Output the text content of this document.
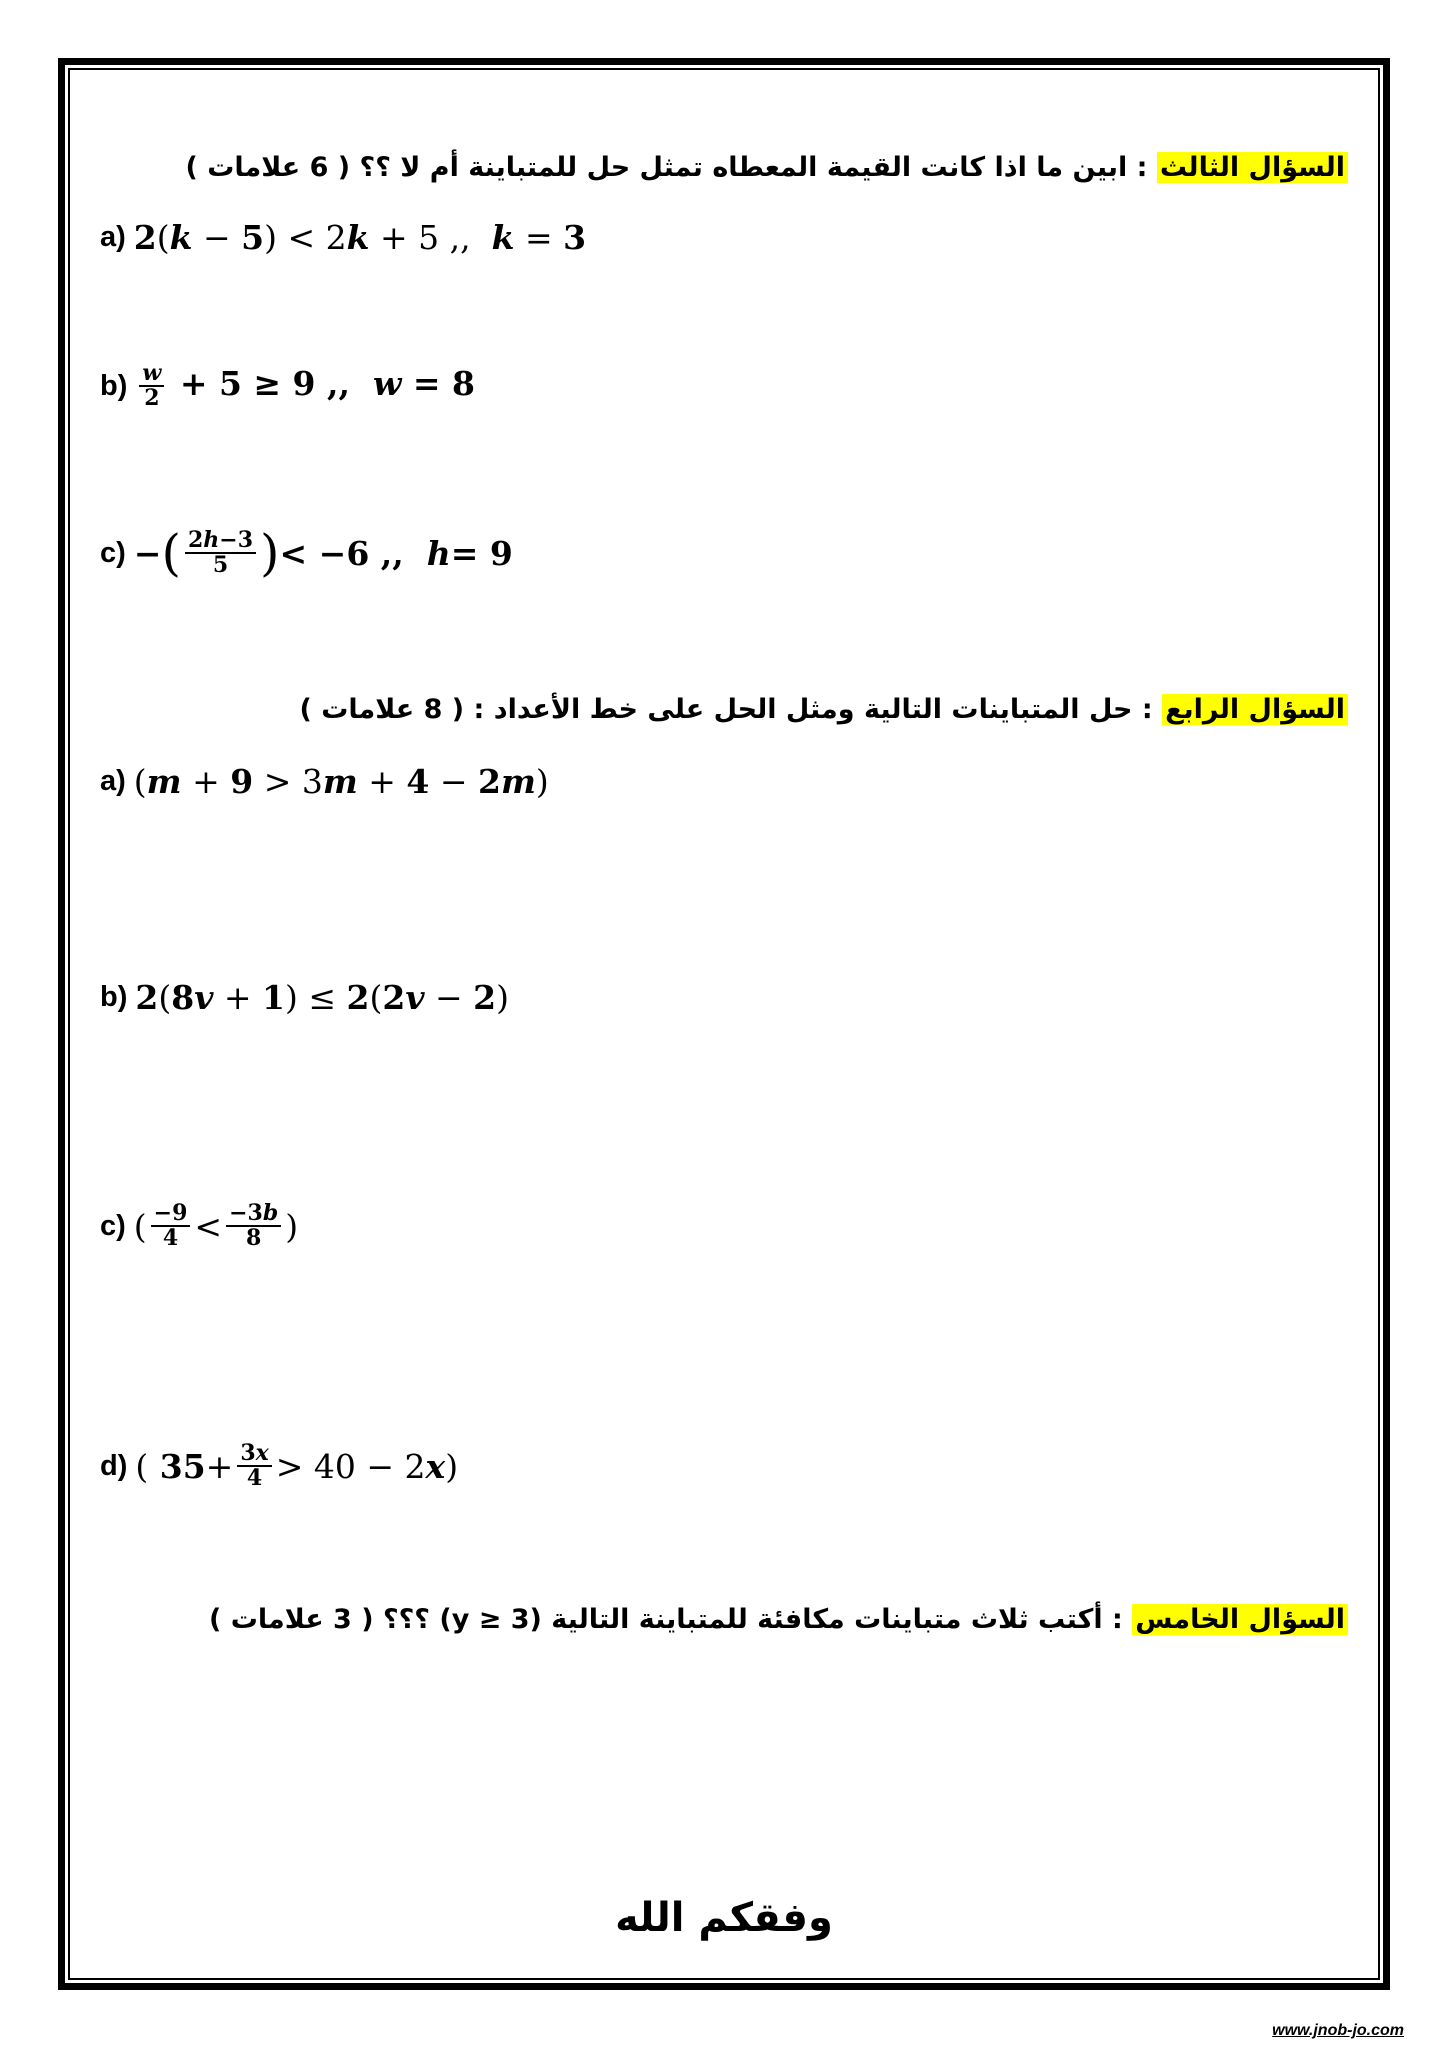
السؤال الثالث : ابين ما اذا كانت القيمة المعطاه تمثل حل للمتباينة أم لا ؟؟ ( 6 علامات )
a) 2(k − 5) < 2k + 5 ,,  k = 3
$b) \frac{w}{2} + 5 \ge 9$ ,,  w = 8
c) − ( $\frac{2h-3}{5}$ ) < −6 ,, h = 9
السؤال الرابع : حل المتباينات التالية ومثل الحل على خط الأعداد : ( 8 علامات )
a) (m + 9 > 3m + 4 − 2m)
b) 2(8v + 1) ≤ 2(2v − 2)
c) ( $\frac{-9}{4} < \frac{-3b}{8}$ )
d) ( $35 + \frac{3x}{4} > 40 - 2$ x )
السؤال الخامس : أكتب ثلاث متباينات مكافئة للمتباينة التالية (y ≥ 3) ؟؟؟ ( 3 علامات )
وفقكم الله
www.jnob-jo.com
